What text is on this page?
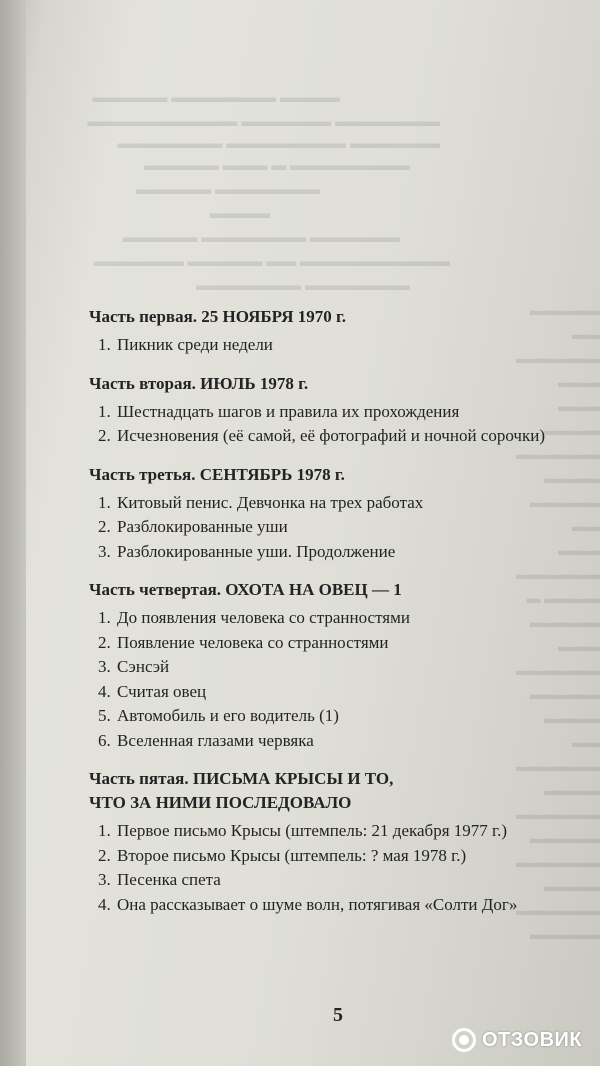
▬▬▬▬ ▬▬▬▬▬▬▬ ▬▬▬▬▬
▬▬▬▬▬▬▬ ▬▬▬▬▬▬ ▬▬▬▬▬▬▬▬▬▬
▬▬▬▬▬▬ ▬▬▬▬▬▬▬▬ ▬▬▬▬▬▬▬
▬▬▬▬▬▬▬▬ ▬ ▬▬▬ ▬▬▬▬▬
▬▬▬▬▬▬▬ ▬▬▬▬▬
▬▬▬▬
▬▬▬▬▬▬ ▬▬▬▬▬▬▬ ▬▬▬▬▬
▬▬▬▬▬▬▬▬▬▬ ▬▬ ▬▬▬▬▬ ▬▬▬▬▬▬
▬▬▬▬▬▬▬ ▬▬▬▬▬▬▬
▬▬▬▬▬ ▬▬
▬▬▬▬▬▬
▬▬▬ ▬▬▬
▬▬▬▬
▬▬▬▬▬▬
▬▬▬▬
▬▬▬▬▬ ▬▬
▬▬▬
▬▬▬▬▬▬
▬▬▬▬ ▬
▬▬▬▬▬
▬▬▬
▬▬▬▬▬▬
▬▬▬▬▬
▬▬▬▬ ▬▬
▬▬▬▬▬▬
▬▬▬▬
▬▬▬▬▬▬
▬▬▬▬▬
▬▬▬▬▬▬
▬▬▬▬
▬▬▬▬▬▬
▬▬▬▬▬
Часть первая. 25 НОЯБРЯ 1970 г.
1. Пикник среди недели
Часть вторая. ИЮЛЬ 1978 г.
1. Шестнадцать шагов и правила их прохождения
2. Исчезновения (её самой, её фотографий и ночной сорочки)
Часть третья. СЕНТЯБРЬ 1978 г.
1. Китовый пенис. Девчонка на трех работах
2. Разблокированные уши
3. Разблокированные уши. Продолжение
Часть четвертая. ОХОТА НА ОВЕЦ — 1
1. До появления человека со странностями
2. Появление человека со странностями
3. Сэнсэй
4. Считая овец
5. Автомобиль и его водитель (1)
6. Вселенная глазами червяка
Часть пятая. ПИСЬМА КРЫСЫ И ТО,
ЧТО ЗА НИМИ ПОСЛЕДОВАЛО
1. Первое письмо Крысы (штемпель: 21 декабря 1977 г.)
2. Второе письмо Крысы (штемпель: ? мая 1978 г.)
3. Песенка спета
4. Она рассказывает о шуме волн, потягивая «Солти Дог»
5
ОТЗОВИК
